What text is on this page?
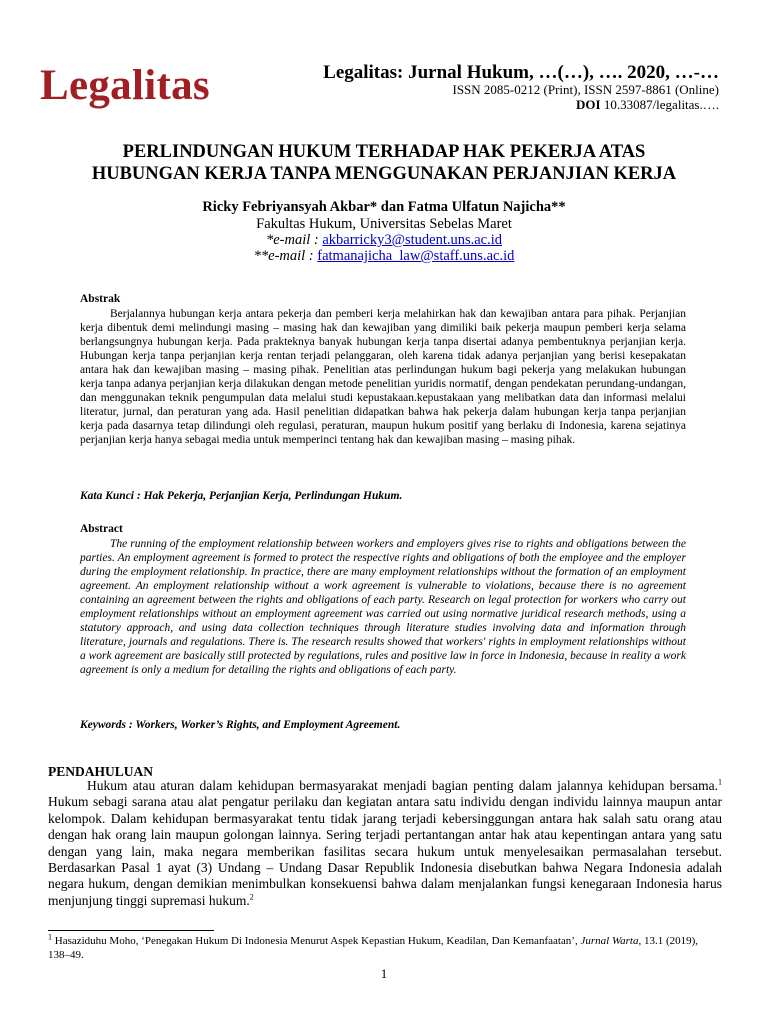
Legalitas	Legalitas: Jurnal Hukum, …(…), …. 2020, …-…
ISSN 2085-0212 (Print), ISSN 2597-8861 (Online)
DOI 10.33087/legalitas.….
PERLINDUNGAN HUKUM TERHADAP HAK PEKERJA ATAS
HUBUNGAN KERJA TANPA MENGGUNAKAN PERJANJIAN KERJA
Ricky Febriyansyah Akbar* dan Fatma Ulfatun Najicha**
Fakultas Hukum, Universitas Sebelas Maret
*e-mail : akbarricky3@student.uns.ac.id
**e-mail : fatmanajicha_law@staff.uns.ac.id
Abstrak
Berjalannya hubungan kerja antara pekerja dan pemberi kerja melahirkan hak dan kewajiban antara para pihak. Perjanjian kerja dibentuk demi melindungi masing – masing hak dan kewajiban yang dimiliki baik pekerja maupun pemberi kerja selama berlangsungnya hubungan kerja. Pada prakteknya banyak hubungan kerja tanpa disertai adanya pembentuknya perjanjian kerja. Hubungan kerja tanpa perjanjian kerja rentan terjadi pelanggaran, oleh karena tidak adanya perjanjian yang berisi kesepakatan antara hak dan kewajiban masing – masing pihak. Penelitian atas perlindungan hukum bagi pekerja yang melakukan hubungan kerja tanpa adanya perjanjian kerja dilakukan dengan metode penelitian yuridis normatif, dengan pendekatan perundang-undangan, dan menggunakan teknik pengumpulan data melalui studi kepustakaan.kepustakaan yang melibatkan data dan informasi melalui literatur, jurnal, dan peraturan yang ada. Hasil penelitian didapatkan bahwa hak pekerja dalam hubungan kerja tanpa perjanjian kerja pada dasarnya tetap dilindungi oleh regulasi, peraturan, maupun hukum positif yang berlaku di Indonesia, karena sejatinya perjanjian kerja hanya sebagai media untuk memperinci tentang hak dan kewajiban masing – masing pihak.
Kata Kunci : Hak Pekerja, Perjanjian Kerja, Perlindungan Hukum.
Abstract
The running of the employment relationship between workers and employers gives rise to rights and obligations between the parties. An employment agreement is formed to protect the respective rights and obligations of both the employee and the employer during the employment relationship. In practice, there are many employment relationships without the formation of an employment agreement. An employment relationship without a work agreement is vulnerable to violations, because there is no agreement containing an agreement between the rights and obligations of each party. Research on legal protection for workers who carry out employment relationships without an employment agreement was carried out using normative juridical research methods, using a statutory approach, and using data collection techniques through literature studies involving data and information through literature, journals and regulations. There is. The research results showed that workers' rights in employment relationships without a work agreement are basically still protected by regulations, rules and positive law in force in Indonesia, because in reality a work agreement is only a medium for detailing the rights and obligations of each party.
Keywords : Workers, Worker’s Rights, and Employment Agreement.
PENDAHULUAN
Hukum atau aturan dalam kehidupan bermasyarakat menjadi bagian penting dalam jalannya kehidupan bersama.$^1$ Hukum sebagi sarana atau alat pengatur perilaku dan kegiatan antara satu individu dengan individu lainnya maupun antar kelompok. Dalam kehidupan bermasyarakat tentu tidak jarang terjadi kebersinggungan antara hak salah satu orang atau dengan hak orang lain maupun golongan lainnya. Sering terjadi pertantangan antar hak atau kepentingan antara yang satu dengan yang lain, maka negara memberikan fasilitas secara hukum untuk menyelesaikan permasalahan tersebut. Berdasarkan Pasal 1 ayat (3) Undang – Undang Dasar Republik Indonesia disebutkan bahwa Negara Indonesia adalah negara hukum, dengan demikian menimbulkan konsekuensi bahwa dalam menjalankan fungsi kenegaraan Indonesia harus menjunjung tinggi supremasi hukum.$^2$
$^1$ Hasaziduhu Moho, ‘Penegakan Hukum Di Indonesia Menurut Aspek Kepastian Hukum, Keadilan, Dan Kemanfaatan’, Jurnal Warta, 13.1 (2019), 138–49.
1
